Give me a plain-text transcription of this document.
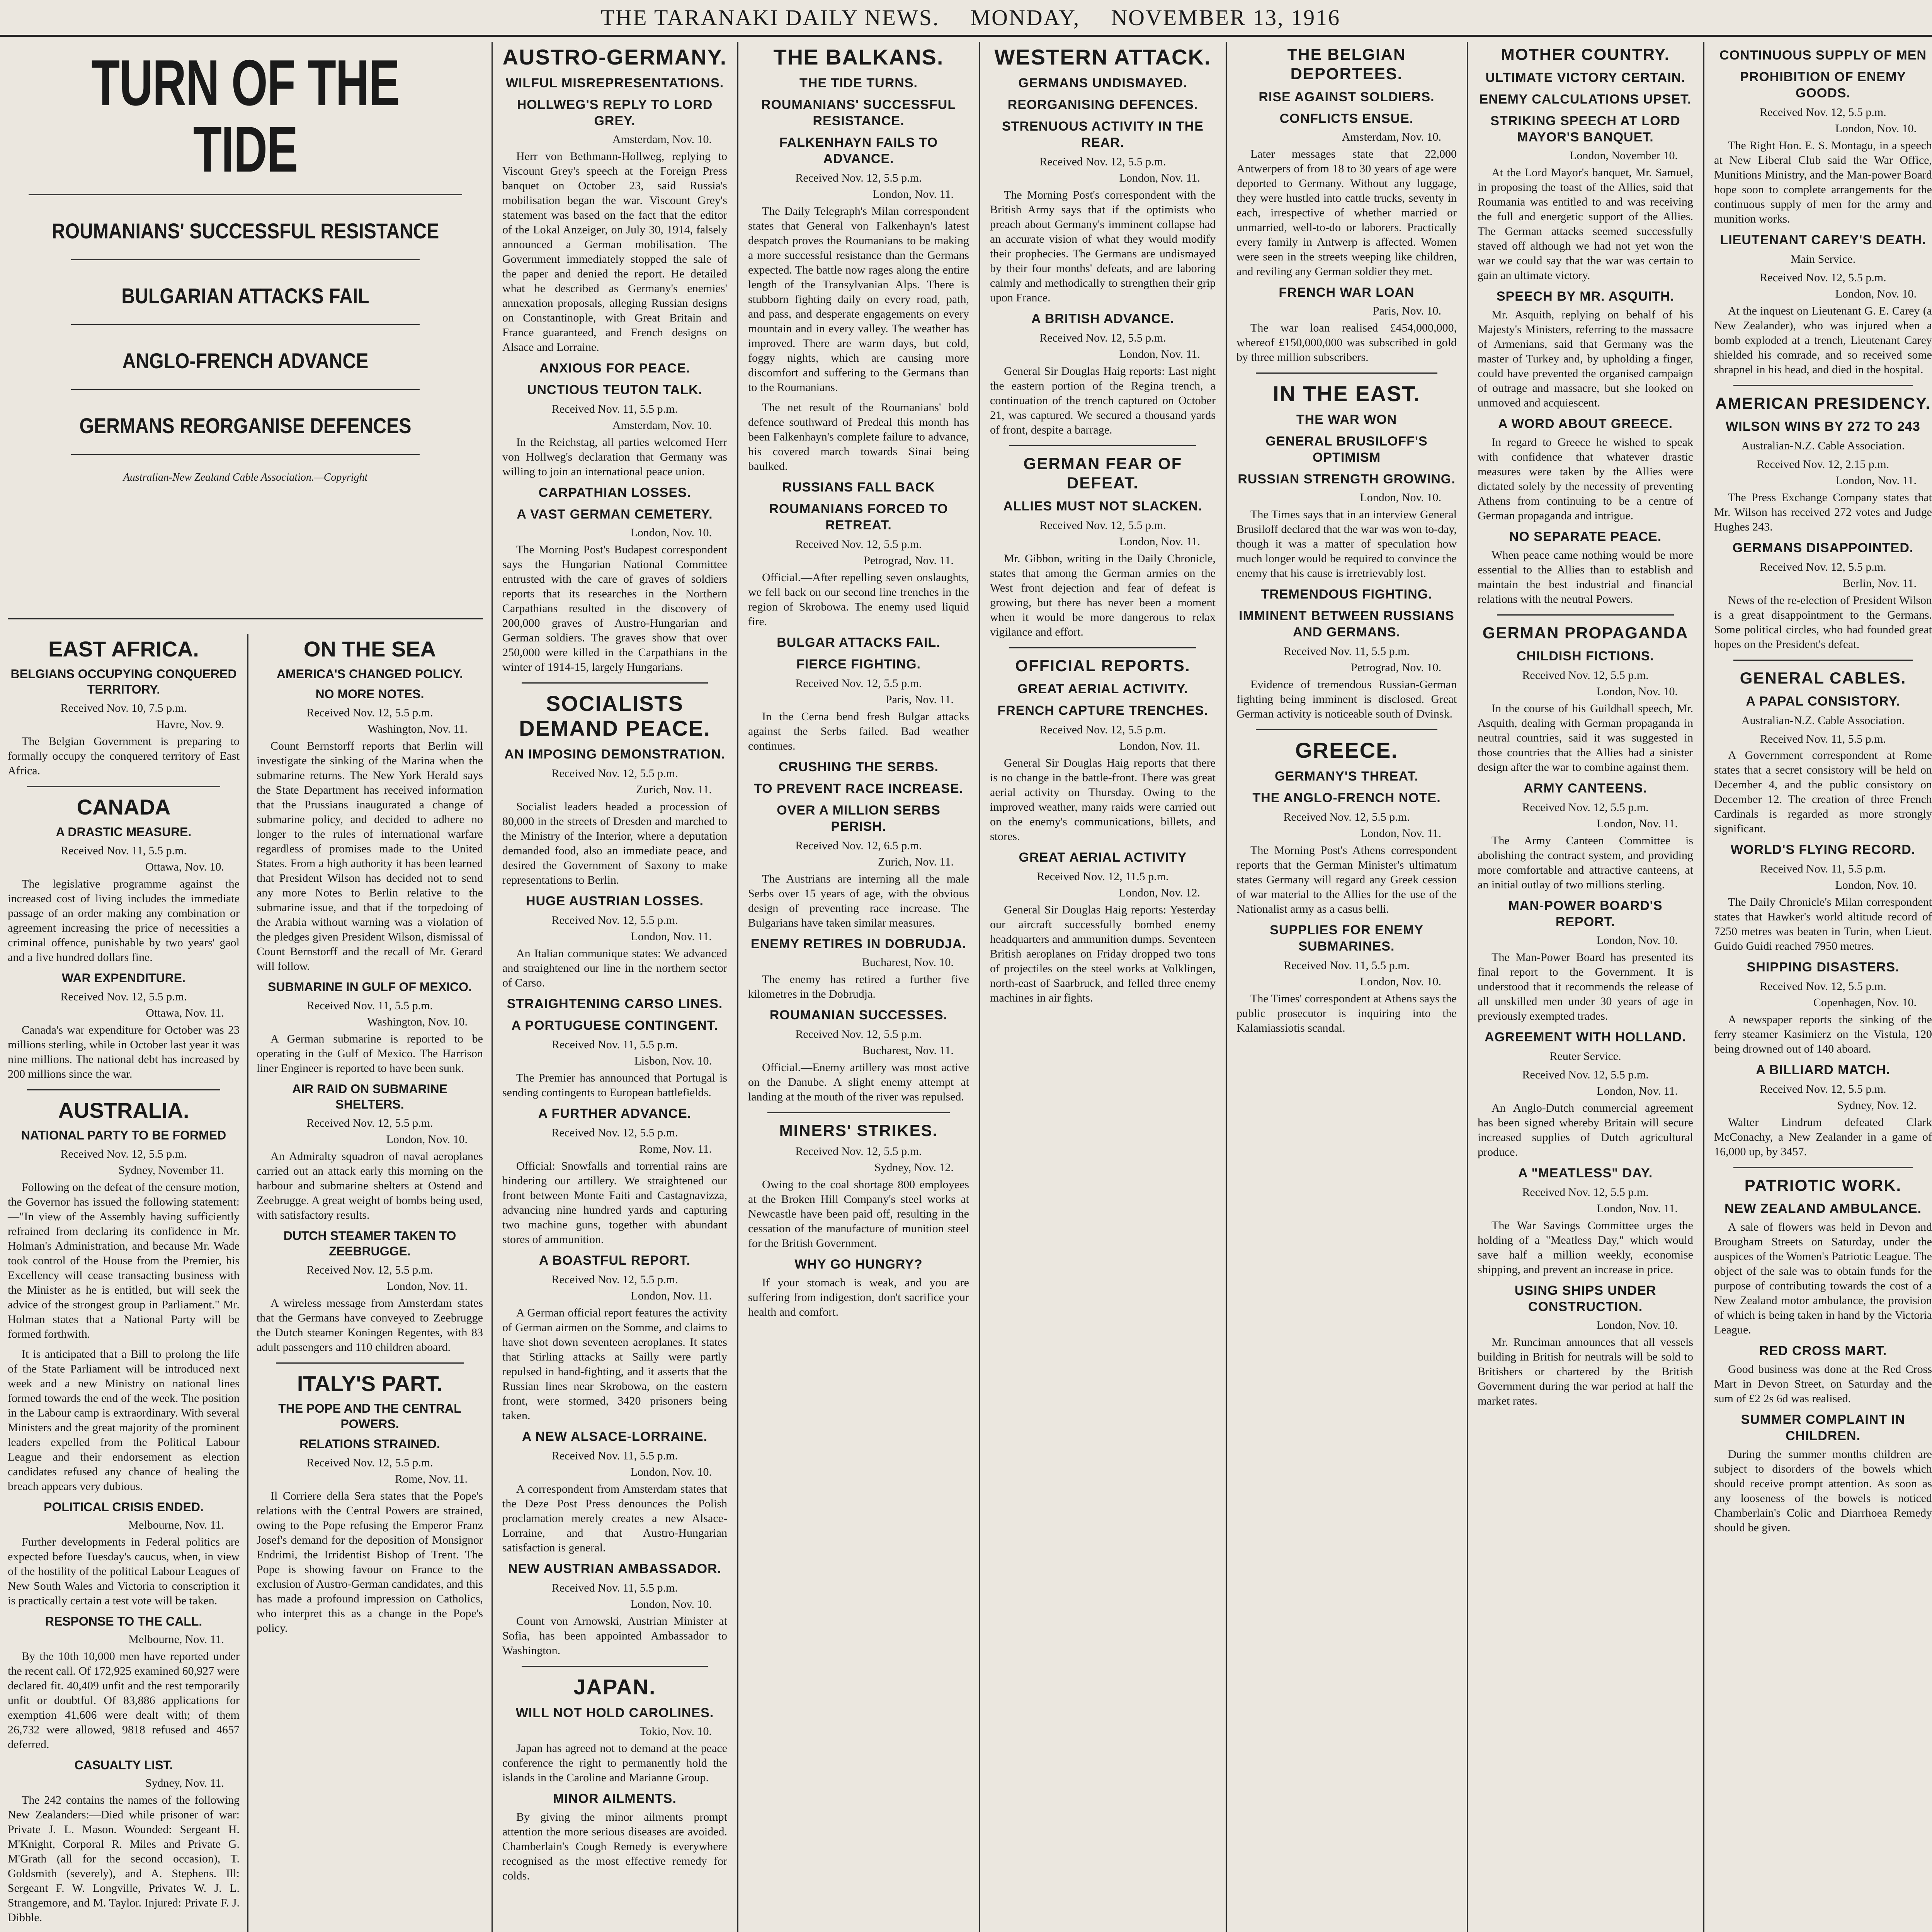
THE TARANAKI DAILY NEWS. MONDAY, NOVEMBER 13, 1916
TURN OF THE TIDE
ROUMANIANS' SUCCESSFUL RESISTANCE
BULGARIAN ATTACKS FAIL
ANGLO-FRENCH ADVANCE
GERMANS REORGANISE DEFENCES
Australian-New Zealand Cable Association.—Copyright
EAST AFRICA.
BELGIANS OCCUPYING CONQUERED TERRITORY.

Received Nov. 10, 7.5 p.m.

Havre, Nov. 9.

The Belgian Government is preparing to formally occupy the conquered territory of East Africa.

CANADA
A DRASTIC MEASURE.

Received Nov. 11, 5.5 p.m.

Ottawa, Nov. 10.

The legislative programme against the increased cost of living includes the immediate passage of an order making any combination or agreement increasing the price of necessities a criminal offence, punishable by two years' gaol and a five hundred dollars fine.

WAR EXPENDITURE.

Received Nov. 12, 5.5 p.m.

Ottawa, Nov. 11.

Canada's war expenditure for October was 23 millions sterling, while in October last year it was nine millions. The national debt has increased by 200 millions since the war.

AUSTRALIA.
NATIONAL PARTY TO BE FORMED

Received Nov. 12, 5.5 p.m.

Sydney, November 11.

Following on the defeat of the censure motion, the Governor has issued the following statement:—"In view of the Assembly having sufficiently refrained from declaring its confidence in Mr. Holman's Administration, and because Mr. Wade took control of the House from the Premier, his Excellency will cease transacting business with the Minister as he is entitled, but will seek the advice of the strongest group in Parliament." Mr. Holman states that a National Party will be formed forthwith.

It is anticipated that a Bill to prolong the life of the State Parliament will be introduced next week and a new Ministry on national lines formed towards the end of the week. The position in the Labour camp is extraordinary. With several Ministers and the great majority of the prominent leaders expelled from the Political Labour League and their endorsement as election candidates refused any chance of healing the breach appears very dubious.

POLITICAL CRISIS ENDED.

Melbourne, Nov. 11.

Further developments in Federal politics are expected before Tuesday's caucus, when, in view of the hostility of the political Labour Leagues of New South Wales and Victoria to conscription it is practically certain a test vote will be taken.

RESPONSE TO THE CALL.

Melbourne, Nov. 11.

By the 10th 10,000 men have reported under the recent call. Of 172,925 examined 60,927 were declared fit. 40,409 unfit and the rest temporarily unfit or doubtful. Of 83,886 applications for exemption 41,606 were dealt with; of them 26,732 were allowed, 9818 refused and 4657 deferred.

CASUALTY LIST.

Sydney, Nov. 11.

The 242 contains the names of the following New Zealanders:—Died while prisoner of war: Private J. L. Mason. Wounded: Sergeant H. M'Knight, Corporal R. Miles and Private G. M'Grath (all for the second occasion), T. Goldsmith (severely), and A. Stephens. Ill: Sergeant F. W. Longville, Privates W. J. L. Strangemore, and M. Taylor. Injured: Private F. J. Dibble.

ON THE SEA
AMERICA'S CHANGED POLICY.
NO MORE NOTES.

Received Nov. 12, 5.5 p.m.

Washington, Nov. 11.

Count Bernstorff reports that Berlin will investigate the sinking of the Marina when the submarine returns. The New York Herald says the State Department has received information that the Prussians inaugurated a change of submarine policy, and decided to adhere no longer to the rules of international warfare regardless of promises made to the United States. From a high authority it has been learned that President Wilson has decided not to send any more Notes to Berlin relative to the submarine issue, and that if the torpedoing of the Arabia without warning was a violation of the pledges given President Wilson, dismissal of Count Bernstorff and the recall of Mr. Gerard will follow.

SUBMARINE IN GULF OF MEXICO.

Received Nov. 11, 5.5 p.m.

Washington, Nov. 10.

A German submarine is reported to be operating in the Gulf of Mexico. The Harrison liner Engineer is reported to have been sunk.

AIR RAID ON SUBMARINE SHELTERS.

Received Nov. 12, 5.5 p.m.

London, Nov. 10.

An Admiralty squadron of naval aeroplanes carried out an attack early this morning on the harbour and submarine shelters at Ostend and Zeebrugge. A great weight of bombs being used, with satisfactory results.

DUTCH STEAMER TAKEN TO ZEEBRUGGE.

Received Nov. 12, 5.5 p.m.

London, Nov. 11.

A wireless message from Amsterdam states that the Germans have conveyed to Zeebrugge the Dutch steamer Koningen Regentes, with 83 adult passengers and 110 children aboard.

ITALY'S PART.
THE POPE AND THE CENTRAL POWERS.
RELATIONS STRAINED.

Received Nov. 12, 5.5 p.m.

Rome, Nov. 11.

Il Corriere della Sera states that the Pope's relations with the Central Powers are strained, owing to the Pope refusing the Emperor Franz Josef's demand for the deposition of Monsignor Endrimi, the Irridentist Bishop of Trent. The Pope is showing favour on France to the exclusion of Austro-German candidates, and this has made a profound impression on Catholics, who interpret this as a change in the Pope's policy.

AUSTRO-GERMANY.
WILFUL MISREPRESENTATIONS.
HOLLWEG'S REPLY TO LORD GREY.

Amsterdam, Nov. 10.

Herr von Bethmann-Hollweg, replying to Viscount Grey's speech at the Foreign Press banquet on October 23, said Russia's mobilisation began the war. Viscount Grey's statement was based on the fact that the editor of the Lokal Anzeiger, on July 30, 1914, falsely announced a German mobilisation. The Government immediately stopped the sale of the paper and denied the report. He detailed what he described as Germany's enemies' annexation proposals, alleging Russian designs on Constantinople, with Great Britain and France guaranteed, and French designs on Alsace and Lorraine.

ANXIOUS FOR PEACE.
UNCTIOUS TEUTON TALK.

Received Nov. 11, 5.5 p.m.

Amsterdam, Nov. 10.

In the Reichstag, all parties welcomed Herr von Hollweg's declaration that Germany was willing to join an international peace union.

CARPATHIAN LOSSES.
A VAST GERMAN CEMETERY.

London, Nov. 10.

The Morning Post's Budapest correspondent says the Hungarian National Committee entrusted with the care of graves of soldiers reports that its researches in the Northern Carpathians resulted in the discovery of 200,000 graves of Austro-Hungarian and German soldiers. The graves show that over 250,000 were killed in the Carpathians in the winter of 1914-15, largely Hungarians.

SOCIALISTS DEMAND PEACE.
AN IMPOSING DEMONSTRATION.

Received Nov. 12, 5.5 p.m.

Zurich, Nov. 11.

Socialist leaders headed a procession of 80,000 in the streets of Dresden and marched to the Ministry of the Interior, where a deputation demanded food, also an immediate peace, and desired the Government of Saxony to make representations to Berlin.

HUGE AUSTRIAN LOSSES.

Received Nov. 12, 5.5 p.m.

London, Nov. 11.

An Italian communique states: We advanced and straightened our line in the northern sector of Carso.

STRAIGHTENING CARSO LINES.
A PORTUGUESE CONTINGENT.

Received Nov. 11, 5.5 p.m.

Lisbon, Nov. 10.

The Premier has announced that Portugal is sending contingents to European battlefields.

A FURTHER ADVANCE.

Received Nov. 12, 5.5 p.m.

Rome, Nov. 11.

Official: Snowfalls and torrential rains are hindering our artillery. We straightened our front between Monte Faiti and Castagnavizza, advancing nine hundred yards and capturing two machine guns, together with abundant stores of ammunition.

A BOASTFUL REPORT.

Received Nov. 12, 5.5 p.m.

London, Nov. 11.

A German official report features the activity of German airmen on the Somme, and claims to have shot down seventeen aeroplanes. It states that Stirling attacks at Sailly were partly repulsed in hand-fighting, and it asserts that the Russian lines near Skrobowa, on the eastern front, were stormed, 3420 prisoners being taken.

A NEW ALSACE-LORRAINE.

Received Nov. 11, 5.5 p.m.

London, Nov. 10.

A correspondent from Amsterdam states that the Deze Post Press denounces the Polish proclamation merely creates a new Alsace-Lorraine, and that Austro-Hungarian satisfaction is general.

NEW AUSTRIAN AMBASSADOR.

Received Nov. 11, 5.5 p.m.

London, Nov. 10.

Count von Arnowski, Austrian Minister at Sofia, has been appointed Ambassador to Washington.

JAPAN.
WILL NOT HOLD CAROLINES.

Tokio, Nov. 10.

Japan has agreed not to demand at the peace conference the right to permanently hold the islands in the Caroline and Marianne Group.

MINOR AILMENTS.

By giving the minor ailments prompt attention the more serious diseases are avoided. Chamberlain's Cough Remedy is everywhere recognised as the most effective remedy for colds.

THE BALKANS.
THE TIDE TURNS.
ROUMANIANS' SUCCESSFUL RESISTANCE.
FALKENHAYN FAILS TO ADVANCE.

Received Nov. 12, 5.5 p.m.

London, Nov. 11.

The Daily Telegraph's Milan correspondent states that General von Falkenhayn's latest despatch proves the Roumanians to be making a more successful resistance than the Germans expected. The battle now rages along the entire length of the Transylvanian Alps. There is stubborn fighting daily on every road, path, and pass, and desperate engagements on every mountain and in every valley. The weather has improved. There are warm days, but cold, foggy nights, which are causing more discomfort and suffering to the Germans than to the Roumanians.

The net result of the Roumanians' bold defence southward of Predeal this month has been Falkenhayn's complete failure to advance, his covered march towards Sinai being baulked.

RUSSIANS FALL BACK
ROUMANIANS FORCED TO RETREAT.

Received Nov. 12, 5.5 p.m.

Petrograd, Nov. 11.

Official.—After repelling seven onslaughts, we fell back on our second line trenches in the region of Skrobowa. The enemy used liquid fire.

BULGAR ATTACKS FAIL.
FIERCE FIGHTING.

Received Nov. 12, 5.5 p.m.

Paris, Nov. 11.

In the Cerna bend fresh Bulgar attacks against the Serbs failed. Bad weather continues.

CRUSHING THE SERBS.
TO PREVENT RACE INCREASE.
OVER A MILLION SERBS PERISH.

Received Nov. 12, 6.5 p.m.

Zurich, Nov. 11.

The Austrians are interning all the male Serbs over 15 years of age, with the obvious design of preventing race increase. The Bulgarians have taken similar measures.

ENEMY RETIRES IN DOBRUDJA.

Bucharest, Nov. 10.

The enemy has retired a further five kilometres in the Dobrudja.

ROUMANIAN SUCCESSES.

Received Nov. 12, 5.5 p.m.

Bucharest, Nov. 11.

Official.—Enemy artillery was most active on the Danube. A slight enemy attempt at landing at the mouth of the river was repulsed.

MINERS' STRIKES.

Received Nov. 12, 5.5 p.m.

Sydney, Nov. 12.

Owing to the coal shortage 800 employees at the Broken Hill Company's steel works at Newcastle have been paid off, resulting in the cessation of the manufacture of munition steel for the British Government.

WHY GO HUNGRY?

If your stomach is weak, and you are suffering from indigestion, don't sacrifice your health and comfort.

WESTERN ATTACK.
GERMANS UNDISMAYED.
REORGANISING DEFENCES.
STRENUOUS ACTIVITY IN THE REAR.

Received Nov. 12, 5.5 p.m.

London, Nov. 11.

The Morning Post's correspondent with the British Army says that if the optimists who preach about Germany's imminent collapse had an accurate vision of what they would modify their prophecies. The Germans are undismayed by their four months' defeats, and are laboring calmly and methodically to strengthen their grip upon France.

A BRITISH ADVANCE.

Received Nov. 12, 5.5 p.m.

London, Nov. 11.

General Sir Douglas Haig reports: Last night the eastern portion of the Regina trench, a continuation of the trench captured on October 21, was captured. We secured a thousand yards of front, despite a barrage.

GERMAN FEAR OF DEFEAT.
ALLIES MUST NOT SLACKEN.

Received Nov. 12, 5.5 p.m.

London, Nov. 11.

Mr. Gibbon, writing in the Daily Chronicle, states that among the German armies on the West front dejection and fear of defeat is growing, but there has never been a moment when it would be more dangerous to relax vigilance and effort.

OFFICIAL REPORTS.
GREAT AERIAL ACTIVITY.
FRENCH CAPTURE TRENCHES.

Received Nov. 12, 5.5 p.m.

London, Nov. 11.

General Sir Douglas Haig reports that there is no change in the battle-front. There was great aerial activity on Thursday. Owing to the improved weather, many raids were carried out on the enemy's communications, billets, and stores.

GREAT AERIAL ACTIVITY

Received Nov. 12, 11.5 p.m.

London, Nov. 12.

General Sir Douglas Haig reports: Yesterday our aircraft successfully bombed enemy headquarters and ammunition dumps. Seventeen British aeroplanes on Friday dropped two tons of projectiles on the steel works at Volklingen, north-east of Saarbruck, and felled three enemy machines in air fights.

THE BELGIAN DEPORTEES.
RISE AGAINST SOLDIERS.
CONFLICTS ENSUE.

Amsterdam, Nov. 10.

Later messages state that 22,000 Antwerpers of from 18 to 30 years of age were deported to Germany. Without any luggage, they were hustled into cattle trucks, seventy in each, irrespective of whether married or unmarried, well-to-do or laborers. Practically every family in Antwerp is affected. Women were seen in the streets weeping like children, and reviling any German soldier they met.

FRENCH WAR LOAN

Paris, Nov. 10.

The war loan realised £454,000,000, whereof £150,000,000 was subscribed in gold by three million subscribers.

IN THE EAST.
THE WAR WON
GENERAL BRUSILOFF'S OPTIMISM
RUSSIAN STRENGTH GROWING.

London, Nov. 10.

The Times says that in an interview General Brusiloff declared that the war was won to-day, though it was a matter of speculation how much longer would be required to convince the enemy that his cause is irretrievably lost.

TREMENDOUS FIGHTING.
IMMINENT BETWEEN RUSSIANS AND GERMANS.

Received Nov. 11, 5.5 p.m.

Petrograd, Nov. 10.

Evidence of tremendous Russian-German fighting being imminent is disclosed. Great German activity is noticeable south of Dvinsk.

GREECE.
GERMANY'S THREAT.
THE ANGLO-FRENCH NOTE.

Received Nov. 12, 5.5 p.m.

London, Nov. 11.

The Morning Post's Athens correspondent reports that the German Minister's ultimatum states Germany will regard any Greek cession of war material to the Allies for the use of the Nationalist army as a casus belli.

SUPPLIES FOR ENEMY SUBMARINES.

Received Nov. 11, 5.5 p.m.

London, Nov. 10.

The Times' correspondent at Athens says the public prosecutor is inquiring into the Kalamiassiotis scandal.

MOTHER COUNTRY.
ULTIMATE VICTORY CERTAIN.
ENEMY CALCULATIONS UPSET.
STRIKING SPEECH AT LORD MAYOR'S BANQUET.

London, November 10.

At the Lord Mayor's banquet, Mr. Samuel, in proposing the toast of the Allies, said that Roumania was entitled to and was receiving the full and energetic support of the Allies. The German attacks seemed successfully staved off although we had not yet won the war we could say that the war was certain to gain an ultimate victory.

SPEECH BY MR. ASQUITH.

Mr. Asquith, replying on behalf of his Majesty's Ministers, referring to the massacre of Armenians, said that Germany was the master of Turkey and, by upholding a finger, could have prevented the organised campaign of outrage and massacre, but she looked on unmoved and acquiescent.

A WORD ABOUT GREECE.

In regard to Greece he wished to speak with confidence that whatever drastic measures were taken by the Allies were dictated solely by the necessity of preventing Athens from continuing to be a centre of German propaganda and intrigue.

NO SEPARATE PEACE.

When peace came nothing would be more essential to the Allies than to establish and maintain the best industrial and financial relations with the neutral Powers.

GERMAN PROPAGANDA
CHILDISH FICTIONS.

Received Nov. 12, 5.5 p.m.

London, Nov. 10.

In the course of his Guildhall speech, Mr. Asquith, dealing with German propaganda in neutral countries, said it was suggested in those countries that the Allies had a sinister design after the war to combine against them.

ARMY CANTEENS.

Received Nov. 12, 5.5 p.m.

London, Nov. 11.

The Army Canteen Committee is abolishing the contract system, and providing more comfortable and attractive canteens, at an initial outlay of two millions sterling.

MAN-POWER BOARD'S REPORT.

London, Nov. 10.

The Man-Power Board has presented its final report to the Government. It is understood that it recommends the release of all unskilled men under 30 years of age in previously exempted trades.

AGREEMENT WITH HOLLAND.

Reuter Service.

Received Nov. 12, 5.5 p.m.

London, Nov. 11.

An Anglo-Dutch commercial agreement has been signed whereby Britain will secure increased supplies of Dutch agricultural produce.

A "MEATLESS" DAY.

Received Nov. 12, 5.5 p.m.

London, Nov. 11.

The War Savings Committee urges the holding of a "Meatless Day," which would save half a million weekly, economise shipping, and prevent an increase in price.

USING SHIPS UNDER CONSTRUCTION.

London, Nov. 10.

Mr. Runciman announces that all vessels building in British for neutrals will be sold to Britishers or chartered by the British Government during the war period at half the market rates.

CONTINUOUS SUPPLY OF MEN
PROHIBITION OF ENEMY GOODS.

Received Nov. 12, 5.5 p.m.

London, Nov. 10.

The Right Hon. E. S. Montagu, in a speech at New Liberal Club said the War Office, Munitions Ministry, and the Man-power Board hope soon to complete arrangements for the continuous supply of men for the army and munition works.

LIEUTENANT CAREY'S DEATH.

Main Service.

Received Nov. 12, 5.5 p.m.

London, Nov. 10.

At the inquest on Lieutenant G. E. Carey (a New Zealander), who was injured when a bomb exploded at a trench, Lieutenant Carey shielded his comrade, and so received some shrapnel in his head, and died in the hospital.

AMERICAN PRESIDENCY.
WILSON WINS BY 272 TO 243

Australian-N.Z. Cable Association.

Received Nov. 12, 2.15 p.m.

London, Nov. 11.

The Press Exchange Company states that Mr. Wilson has received 272 votes and Judge Hughes 243.

GERMANS DISAPPOINTED.

Received Nov. 12, 5.5 p.m.

Berlin, Nov. 11.

News of the re-election of President Wilson is a great disappointment to the Germans. Some political circles, who had founded great hopes on the President's defeat.

GENERAL CABLES.
A PAPAL CONSISTORY.

Australian-N.Z. Cable Association.

Received Nov. 11, 5.5 p.m.

A Government correspondent at Rome states that a secret consistory will be held on December 4, and the public consistory on December 12. The creation of three French Cardinals is regarded as more strongly significant.

WORLD'S FLYING RECORD.

Received Nov. 11, 5.5 p.m.

London, Nov. 10.

The Daily Chronicle's Milan correspondent states that Hawker's world altitude record of 7250 metres was beaten in Turin, when Lieut. Guido Guidi reached 7950 metres.

SHIPPING DISASTERS.

Received Nov. 12, 5.5 p.m.

Copenhagen, Nov. 10.

A newspaper reports the sinking of the ferry steamer Kasimierz on the Vistula, 120 being drowned out of 140 aboard.

A BILLIARD MATCH.

Received Nov. 12, 5.5 p.m.

Sydney, Nov. 12.

Walter Lindrum defeated Clark McConachy, a New Zealander in a game of 16,000 up, by 3457.

PATRIOTIC WORK.
NEW ZEALAND AMBULANCE.

A sale of flowers was held in Devon and Brougham Streets on Saturday, under the auspices of the Women's Patriotic League. The object of the sale was to obtain funds for the purpose of contributing towards the cost of a New Zealand motor ambulance, the provision of which is being taken in hand by the Victoria League.

RED CROSS MART.

Good business was done at the Red Cross Mart in Devon Street, on Saturday and the sum of £2 2s 6d was realised.

SUMMER COMPLAINT IN CHILDREN.

During the summer months children are subject to disorders of the bowels which should receive prompt attention. As soon as any looseness of the bowels is noticed Chamberlain's Colic and Diarrhoea Remedy should be given.
